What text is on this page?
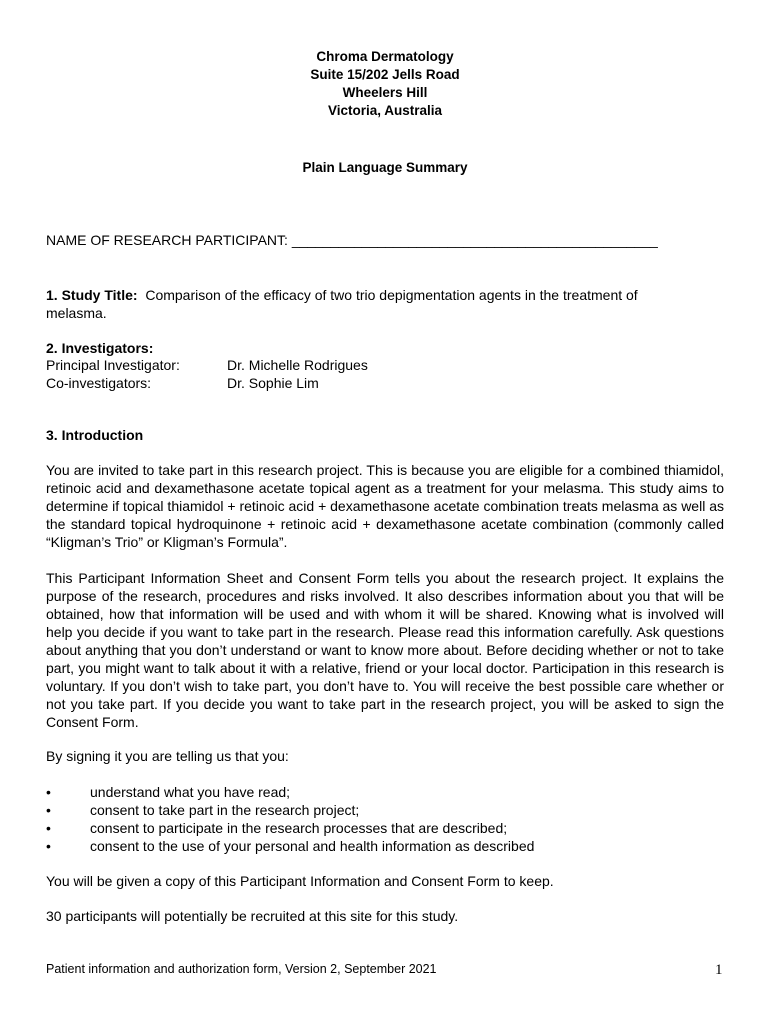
Chroma Dermatology
Suite 15/202 Jells Road
Wheelers Hill
Victoria, Australia
Plain Language Summary
NAME OF RESEARCH PARTICIPANT: _______________________________________________
1. Study Title: Comparison of the efficacy of two trio depigmentation agents in the treatment of melasma.
2. Investigators:
Principal Investigator:	Dr. Michelle Rodrigues
Co-investigators:	Dr. Sophie Lim
3. Introduction
You are invited to take part in this research project. This is because you are eligible for a combined thiamidol, retinoic acid and dexamethasone acetate topical agent as a treatment for your melasma. This study aims to determine if topical thiamidol + retinoic acid + dexamethasone acetate combination treats melasma as well as the standard topical hydroquinone + retinoic acid + dexamethasone acetate combination (commonly called “Kligman’s Trio” or Kligman’s Formula”.
This Participant Information Sheet and Consent Form tells you about the research project. It explains the purpose of the research, procedures and risks involved. It also describes information about you that will be obtained, how that information will be used and with whom it will be shared. Knowing what is involved will help you decide if you want to take part in the research. Please read this information carefully. Ask questions about anything that you don’t understand or want to know more about. Before deciding whether or not to take part, you might want to talk about it with a relative, friend or your local doctor. Participation in this research is voluntary. If you don’t wish to take part, you don’t have to. You will receive the best possible care whether or not you take part. If you decide you want to take part in the research project, you will be asked to sign the Consent Form.
By signing it you are telling us that you:
•	understand what you have read;
•	consent to take part in the research project;
•	consent to participate in the research processes that are described;
•	consent to the use of your personal and health information as described
You will be given a copy of this Participant Information and Consent Form to keep.
30 participants will potentially be recruited at this site for this study.
Patient information and authorization form, Version 2, September 2021	1
